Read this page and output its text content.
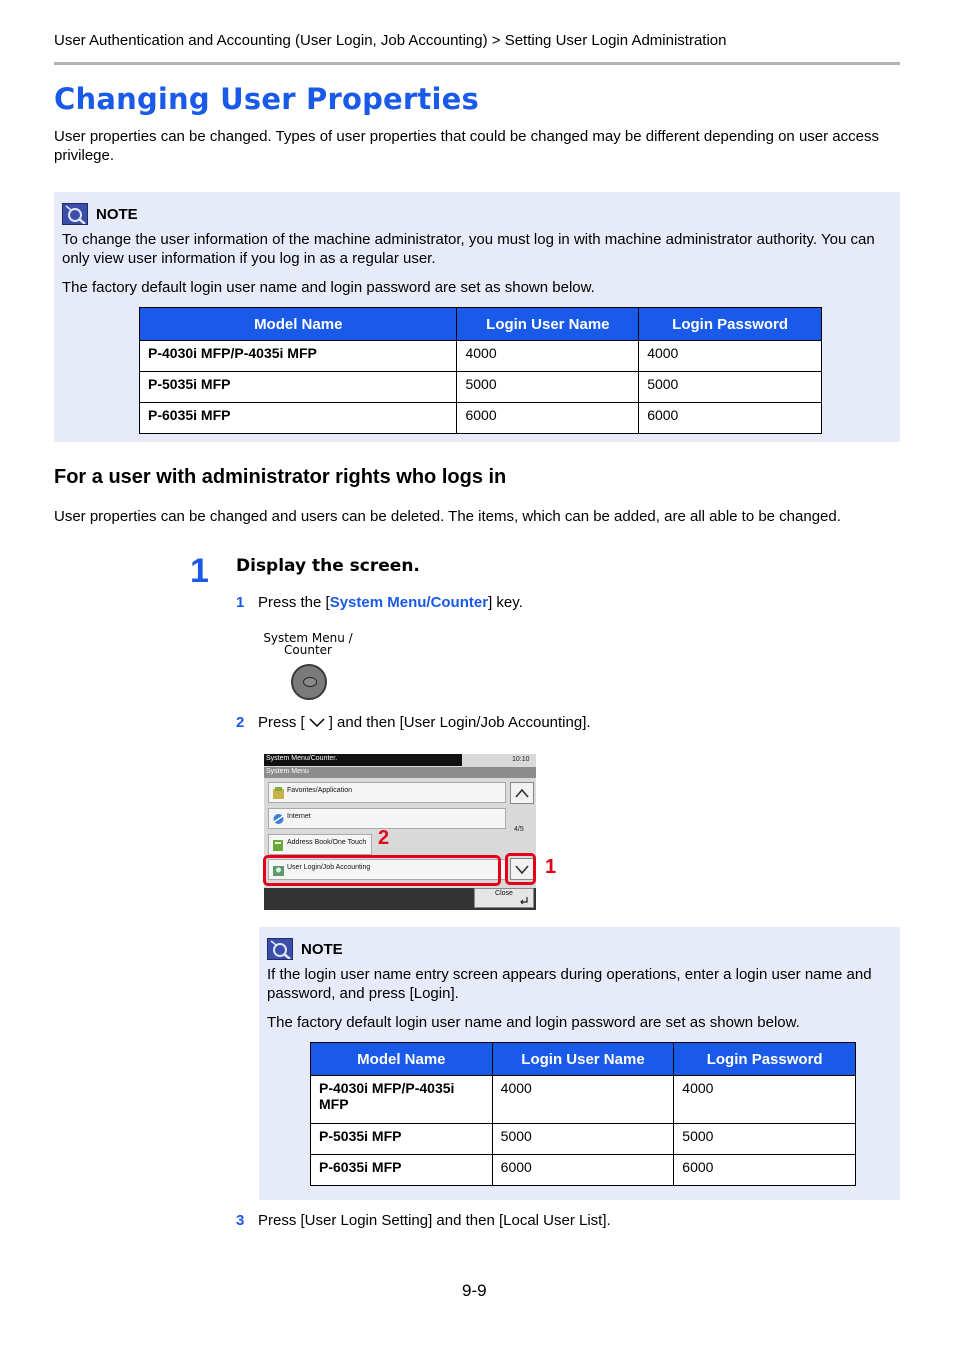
User Authentication and Accounting (User Login, Job Accounting) > Setting User Login Administration
Changing User Properties

User properties can be changed. Types of user properties that could be changed may be different depending on user access privilege.

NOTE

To change the user information of the machine administrator, you must log in with machine administrator authority. You can only view user information if you log in as a regular user.

The factory default login user name and login password are set as shown below.

Model Name	Login User Name	Login Password
P-4030i MFP/P-4035i MFP	4000	4000
P-5035i MFP	5000	5000
P-6035i MFP	6000	6000
For a user with administrator rights who logs in

User properties can be changed and users can be deleted. The items, which can be added, are all able to be changed.

1 Display the screen.
1 Press the [System Menu/Counter] key.
System Menu /
Counter
2 Press [ ] and then [User Login/Job Accounting].
System Menu/Counter.	10:10
System Menu
Favorites/Application
Internet
Address Book/One Touch
User Login/Job Accounting
4/5
Close
2
1
NOTE

If the login user name entry screen appears during operations, enter a login user name and password, and press [Login].

The factory default login user name and login password are set as shown below.

Model Name	Login User Name	Login Password
P-4030i MFP/P-4035i MFP	4000	4000
P-5035i MFP	5000	5000
P-6035i MFP	6000	6000
3 Press [User Login Setting] and then [Local User List].
9-9
